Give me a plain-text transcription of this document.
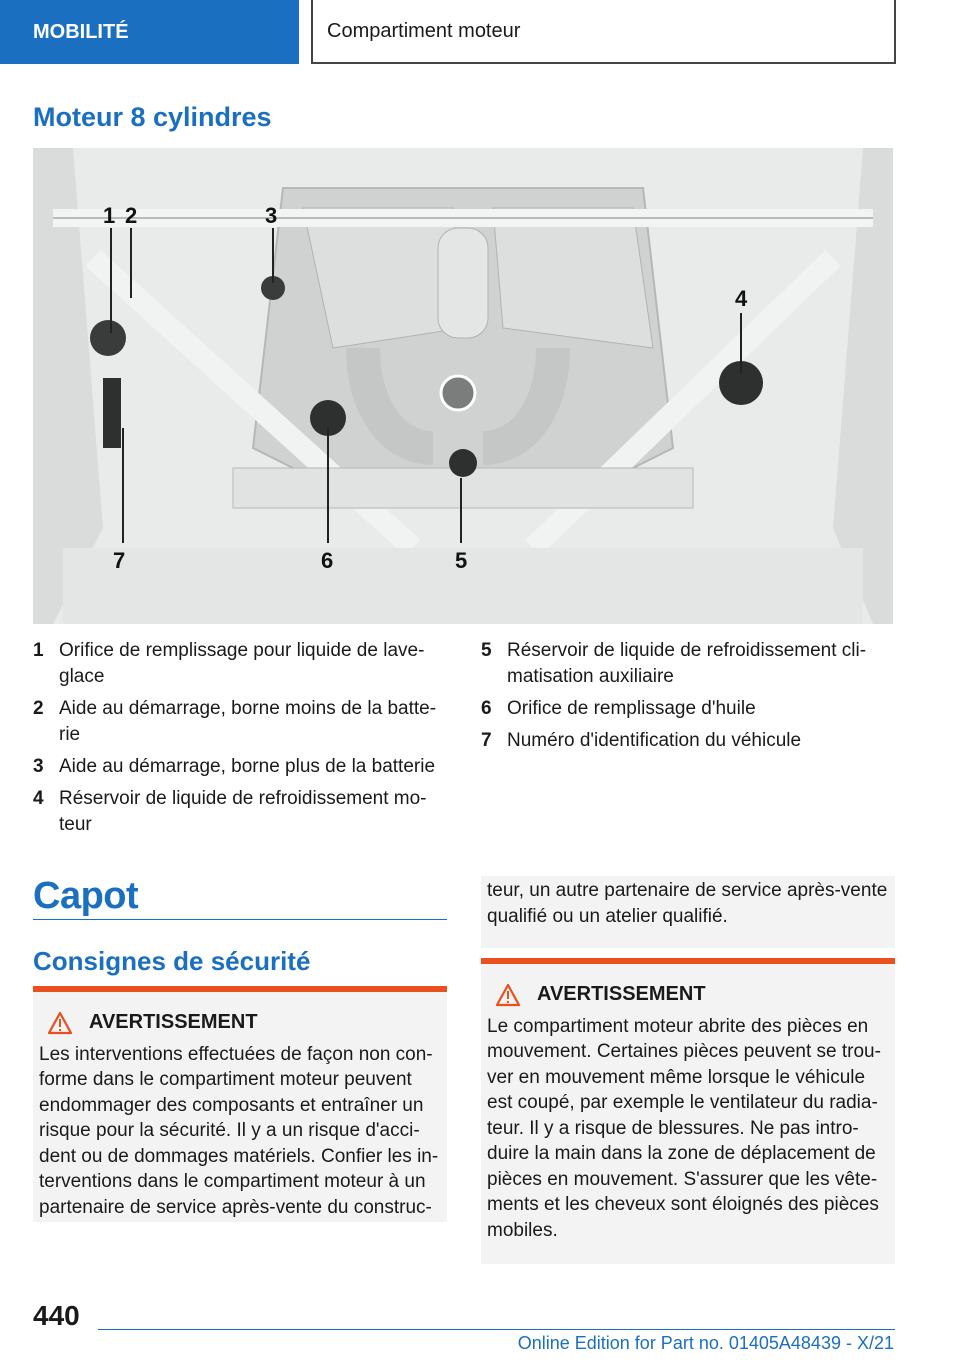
MOBILITÉ	Compartiment moteur
Moteur 8 cylindres
1 2	3
4
5
6
7
1 Orifice de remplissage pour liquide de lave-glace
2 Aide au démarrage, borne moins de la batte-rie
3 Aide au démarrage, borne plus de la batterie
4 Réservoir de liquide de refroidissement mo-teur
5 Réservoir de liquide de refroidissement cli-matisation auxiliaire
6 Orifice de remplissage d'huile
7 Numéro d'identification du véhicule
Capot
Consignes de sécurité
AVERTISSEMENT
Les interventions effectuées de façon non con-forme dans le compartiment moteur peuvent endommager des composants et entraîner un risque pour la sécurité. Il y a un risque d'acci-dent ou de dommages matériels. Confier les in-terventions dans le compartiment moteur à un partenaire de service après-vente du construc-
teur, un autre partenaire de service après-vente qualifié ou un atelier qualifié.
AVERTISSEMENT
Le compartiment moteur abrite des pièces en mouvement. Certaines pièces peuvent se trou-ver en mouvement même lorsque le véhicule est coupé, par exemple le ventilateur du radia-teur. Il y a risque de blessures. Ne pas intro-duire la main dans la zone de déplacement de pièces en mouvement. S'assurer que les vête-ments et les cheveux sont éloignés des pièces mobiles.
440
Online Edition for Part no. 01405A48439 - X/21
